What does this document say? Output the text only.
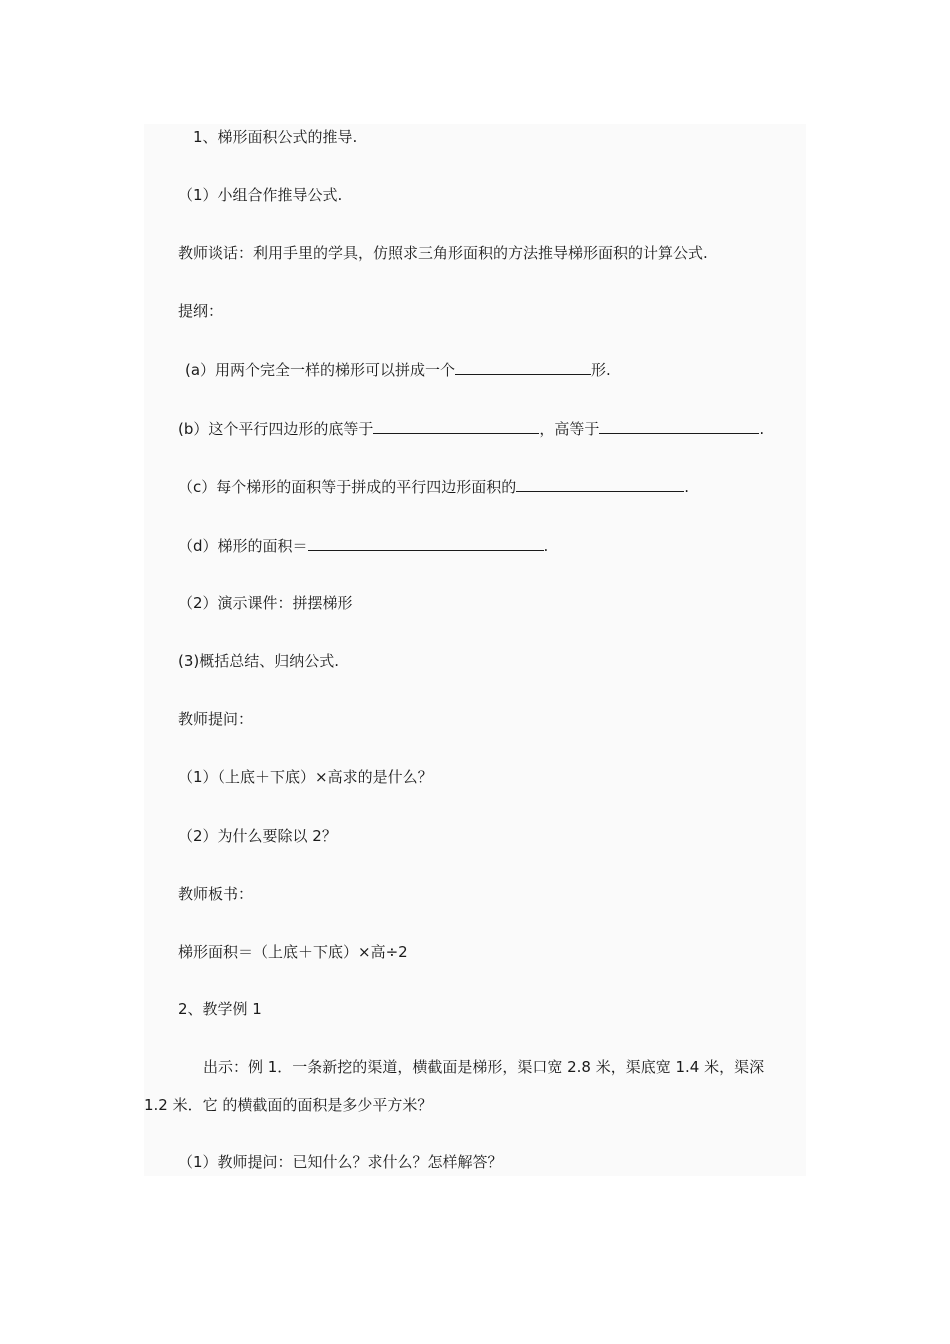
1、梯形面积公式的推导.
（1）小组合作推导公式.
教师谈话：利用手里的学具，仿照求三角形面积的方法推导梯形面积的计算公式.
提纲：
(a）用两个完全一样的梯形可以拼成一个	形.
(b）这个平行四边形的底等于	，高等于	.
（c）每个梯形的面积等于拼成的平行四边形面积的	.
（d）梯形的面积＝	.
（2）演示课件：拼摆梯形
(3)概括总结、归纳公式.
教师提问：
（1）（上底＋下底）×高求的是什么？
（2）为什么要除以 2？
教师板书：
梯形面积＝（上底＋下底）×高÷2
2、教学例 1
出示：例 1．一条新挖的渠道，横截面是梯形，渠口宽 2.8 米，渠底宽 1.4 米，渠深
1.2 米．它 的横截面的面积是多少平方米？
（1）教师提问：已知什么？求什么？怎样解答？
